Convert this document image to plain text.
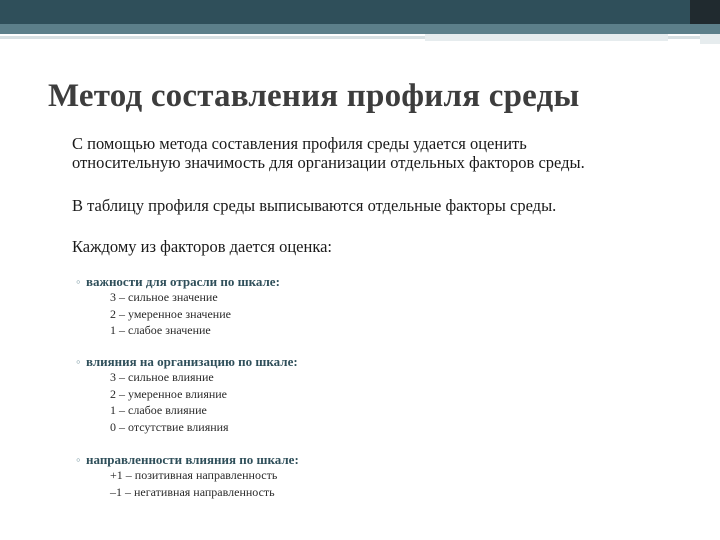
Метод составления профиля среды
С помощью метода составления профиля среды удается оценить
относительную значимость для организации отдельных факторов среды.
В таблицу профиля среды выписываются отдельные факторы среды.
Каждому из факторов дается оценка:
◦ важности для отрасли по шкале:
3 – сильное значение
2 – умеренное значение
1 – слабое значение
◦ влияния на организацию по шкале:
3 – сильное влияние
2 – умеренное влияние
1 – слабое влияние
0 – отсутствие влияния
◦ направленности влияния по шкале:
+1 – позитивная направленность
–1 – негативная направленность
